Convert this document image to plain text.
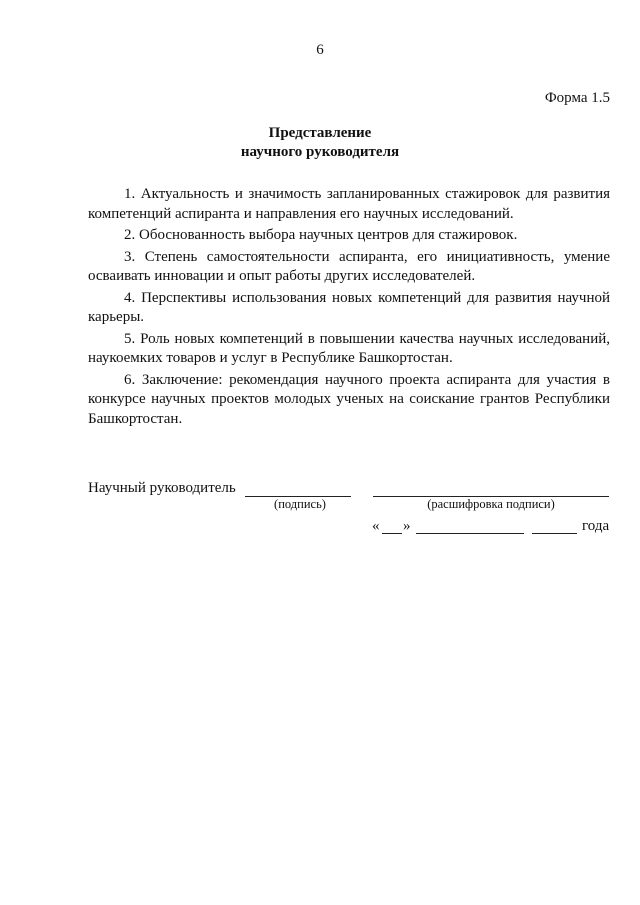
6
Форма 1.5
Представление
научного руководителя

1. Актуальность и значимость запланированных стажировок для развития компетенций аспиранта и направления его научных исследований.

2. Обоснованность выбора научных центров для стажировок.

3. Степень самостоятельности аспиранта, его инициативность, умение осваивать инновации и опыт работы других исследователей.

4. Перспективы использования новых компетенций для развития научной карьеры.

5. Роль новых компетенций в повышении качества научных исследований, наукоемких товаров и услуг в Республике Башкортостан.

6. Заключение: рекомендация научного проекта аспиранта для участия в конкурсе научных проектов молодых ученых на соискание грантов Республики Башкортостан.

Научный руководитель
(подпись)	(расшифровка подписи)
« »	года
